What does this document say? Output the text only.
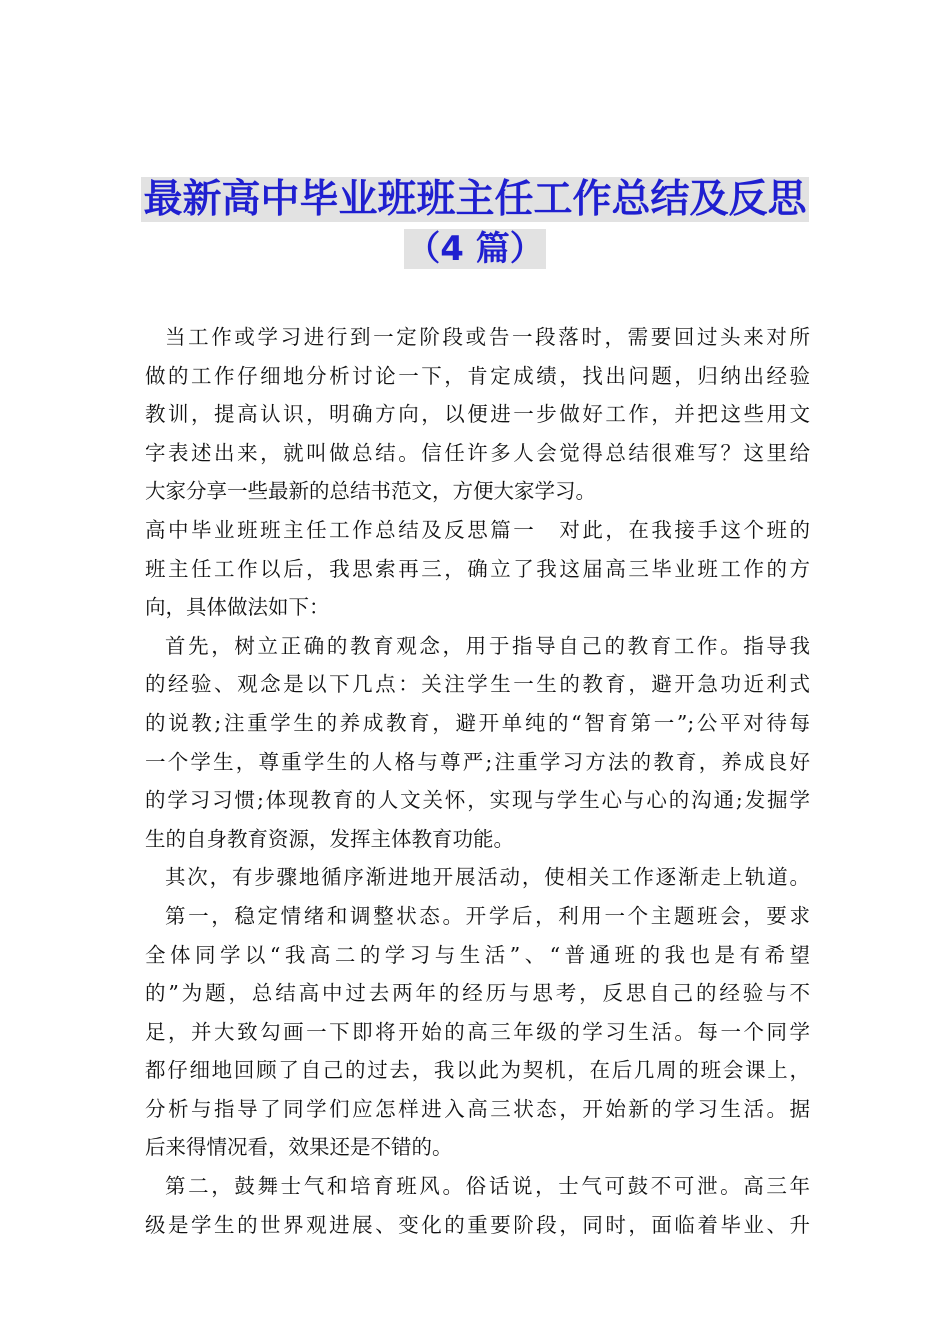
最新高中毕业班班主任工作总结及反思
（4 篇）
当工作或学习进行到一定阶段或告一段落时，需要回过头来对所
做的工作仔细地分析讨论一下，肯定成绩，找出问题，归纳出经验
教训，提高认识，明确方向，以便进一步做好工作，并把这些用文
字表述出来，就叫做总结。信任许多人会觉得总结很难写？这里给
大家分享一些最新的总结书范文，方便大家学习。
高中毕业班班主任工作总结及反思篇一　对此，在我接手这个班的
班主任工作以后，我思索再三，确立了我这届高三毕业班工作的方
向，具体做法如下：
首先，树立正确的教育观念，用于指导自己的教育工作。指导我
的经验、观念是以下几点：关注学生一生的教育，避开急功近利式
的说教;注重学生的养成教育，避开单纯的“智育第一”;公平对待每
一个学生，尊重学生的人格与尊严;注重学习方法的教育，养成良好
的学习习惯;体现教育的人文关怀，实现与学生心与心的沟通;发掘学
生的自身教育资源，发挥主体教育功能。
其次，有步骤地循序渐进地开展活动，使相关工作逐渐走上轨道。
第一，稳定情绪和调整状态。开学后，利用一个主题班会，要求
全体同学以“我高二的学习与生活”、“普通班的我也是有希望
的”为题，总结高中过去两年的经历与思考，反思自己的经验与不
足，并大致勾画一下即将开始的高三年级的学习生活。每一个同学
都仔细地回顾了自己的过去，我以此为契机，在后几周的班会课上，
分析与指导了同学们应怎样进入高三状态，开始新的学习生活。据
后来得情况看，效果还是不错的。
第二，鼓舞士气和培育班风。俗话说，士气可鼓不可泄。高三年
级是学生的世界观进展、变化的重要阶段，同时，面临着毕业、升
